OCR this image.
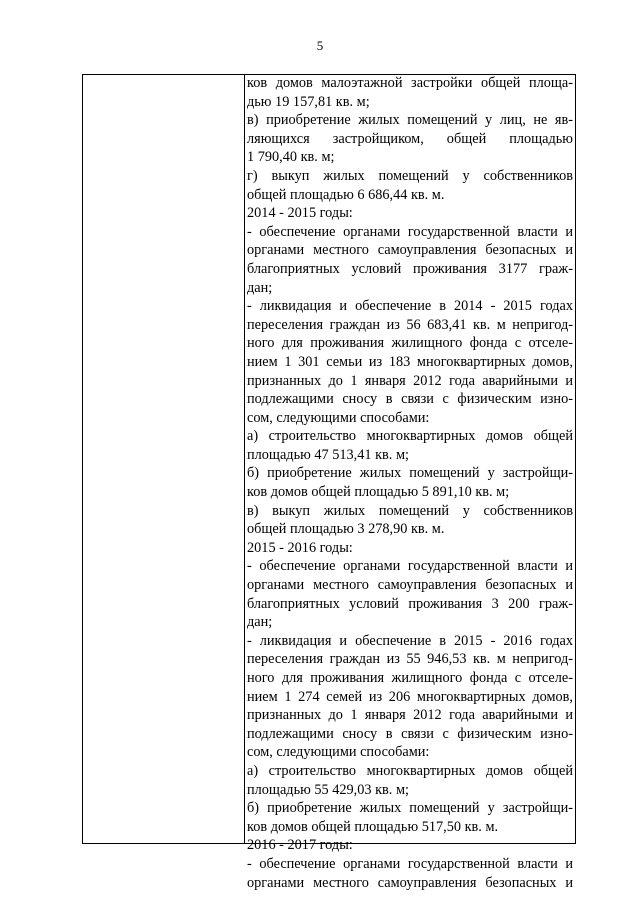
5
ков домов малоэтажной застройки общей площа-
дью 19 157,81 кв. м;
в) приобретение жилых помещений у лиц, не яв-
ляющихся застройщиком, общей площадью
1 790,40 кв. м;
г) выкуп жилых помещений у собственников
общей площадью 6 686,44 кв. м.
2014 - 2015 годы:
- обеспечение органами государственной власти и
органами местного самоуправления безопасных и
благоприятных условий проживания 3177 граж-
дан;
- ликвидация и обеспечение в 2014 - 2015 годах
переселения граждан из 56 683,41 кв. м непригод-
ного для проживания жилищного фонда с отселе-
нием 1 301 семьи из 183 многоквартирных домов,
признанных до 1 января 2012 года аварийными и
подлежащими сносу в связи с физическим изно-
сом, следующими способами:
а) строительство многоквартирных домов общей
площадью 47 513,41 кв. м;
б) приобретение жилых помещений у застройщи-
ков домов общей площадью 5 891,10 кв. м;
в) выкуп жилых помещений у собственников
общей площадью 3 278,90 кв. м.
2015 - 2016 годы:
- обеспечение органами государственной власти и
органами местного самоуправления безопасных и
благоприятных условий проживания 3 200 граж-
дан;
- ликвидация и обеспечение в 2015 - 2016 годах
переселения граждан из 55 946,53 кв. м непригод-
ного для проживания жилищного фонда с отселе-
нием 1 274 семей из 206 многоквартирных домов,
признанных до 1 января 2012 года аварийными и
подлежащими сносу в связи с физическим изно-
сом, следующими способами:
а) строительство многоквартирных домов общей
площадью 55 429,03 кв. м;
б) приобретение жилых помещений у застройщи-
ков домов общей площадью 517,50 кв. м.
2016 - 2017 годы:
- обеспечение органами государственной власти и
органами местного самоуправления безопасных и
